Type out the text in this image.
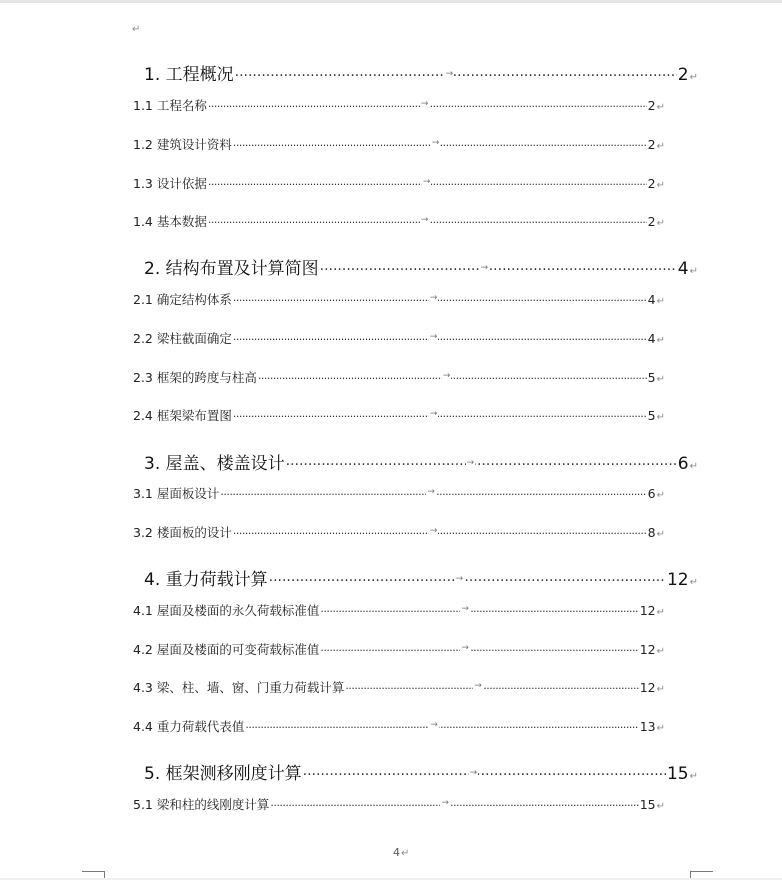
↵
1. 工程概况	..... →	2 ↵
1.1 工程名称	..... →	2 ↵
1.2 建筑设计资料	..... →	2 ↵
1.3 设计依据	..... →	2 ↵
1.4 基本数据	..... →	2 ↵
2. 结构布置及计算简图	..... →	4 ↵
2.1 确定结构体系	..... →	4 ↵
2.2 梁柱截面确定	..... →	4 ↵
2.3 框架的跨度与柱高	..... →	5 ↵
2.4 框架梁布置图	..... →	5 ↵
3. 屋盖、楼盖设计	..... →	6 ↵
3.1 屋面板设计	..... →	6 ↵
3.2 楼面板的设计	..... →	8 ↵
4. 重力荷载计算	..... →	12 ↵
4.1 屋面及楼面的永久荷载标准值	..... →	12 ↵
4.2 屋面及楼面的可变荷载标准值	..... →	12 ↵
4.3 梁、柱、墙、窗、门重力荷载计算	..... →	12 ↵
4.4 重力荷载代表值	..... →	13 ↵
5. 框架测移刚度计算	..... →	15 ↵
5.1 梁和柱的线刚度计算	..... →	15 ↵
4↵
